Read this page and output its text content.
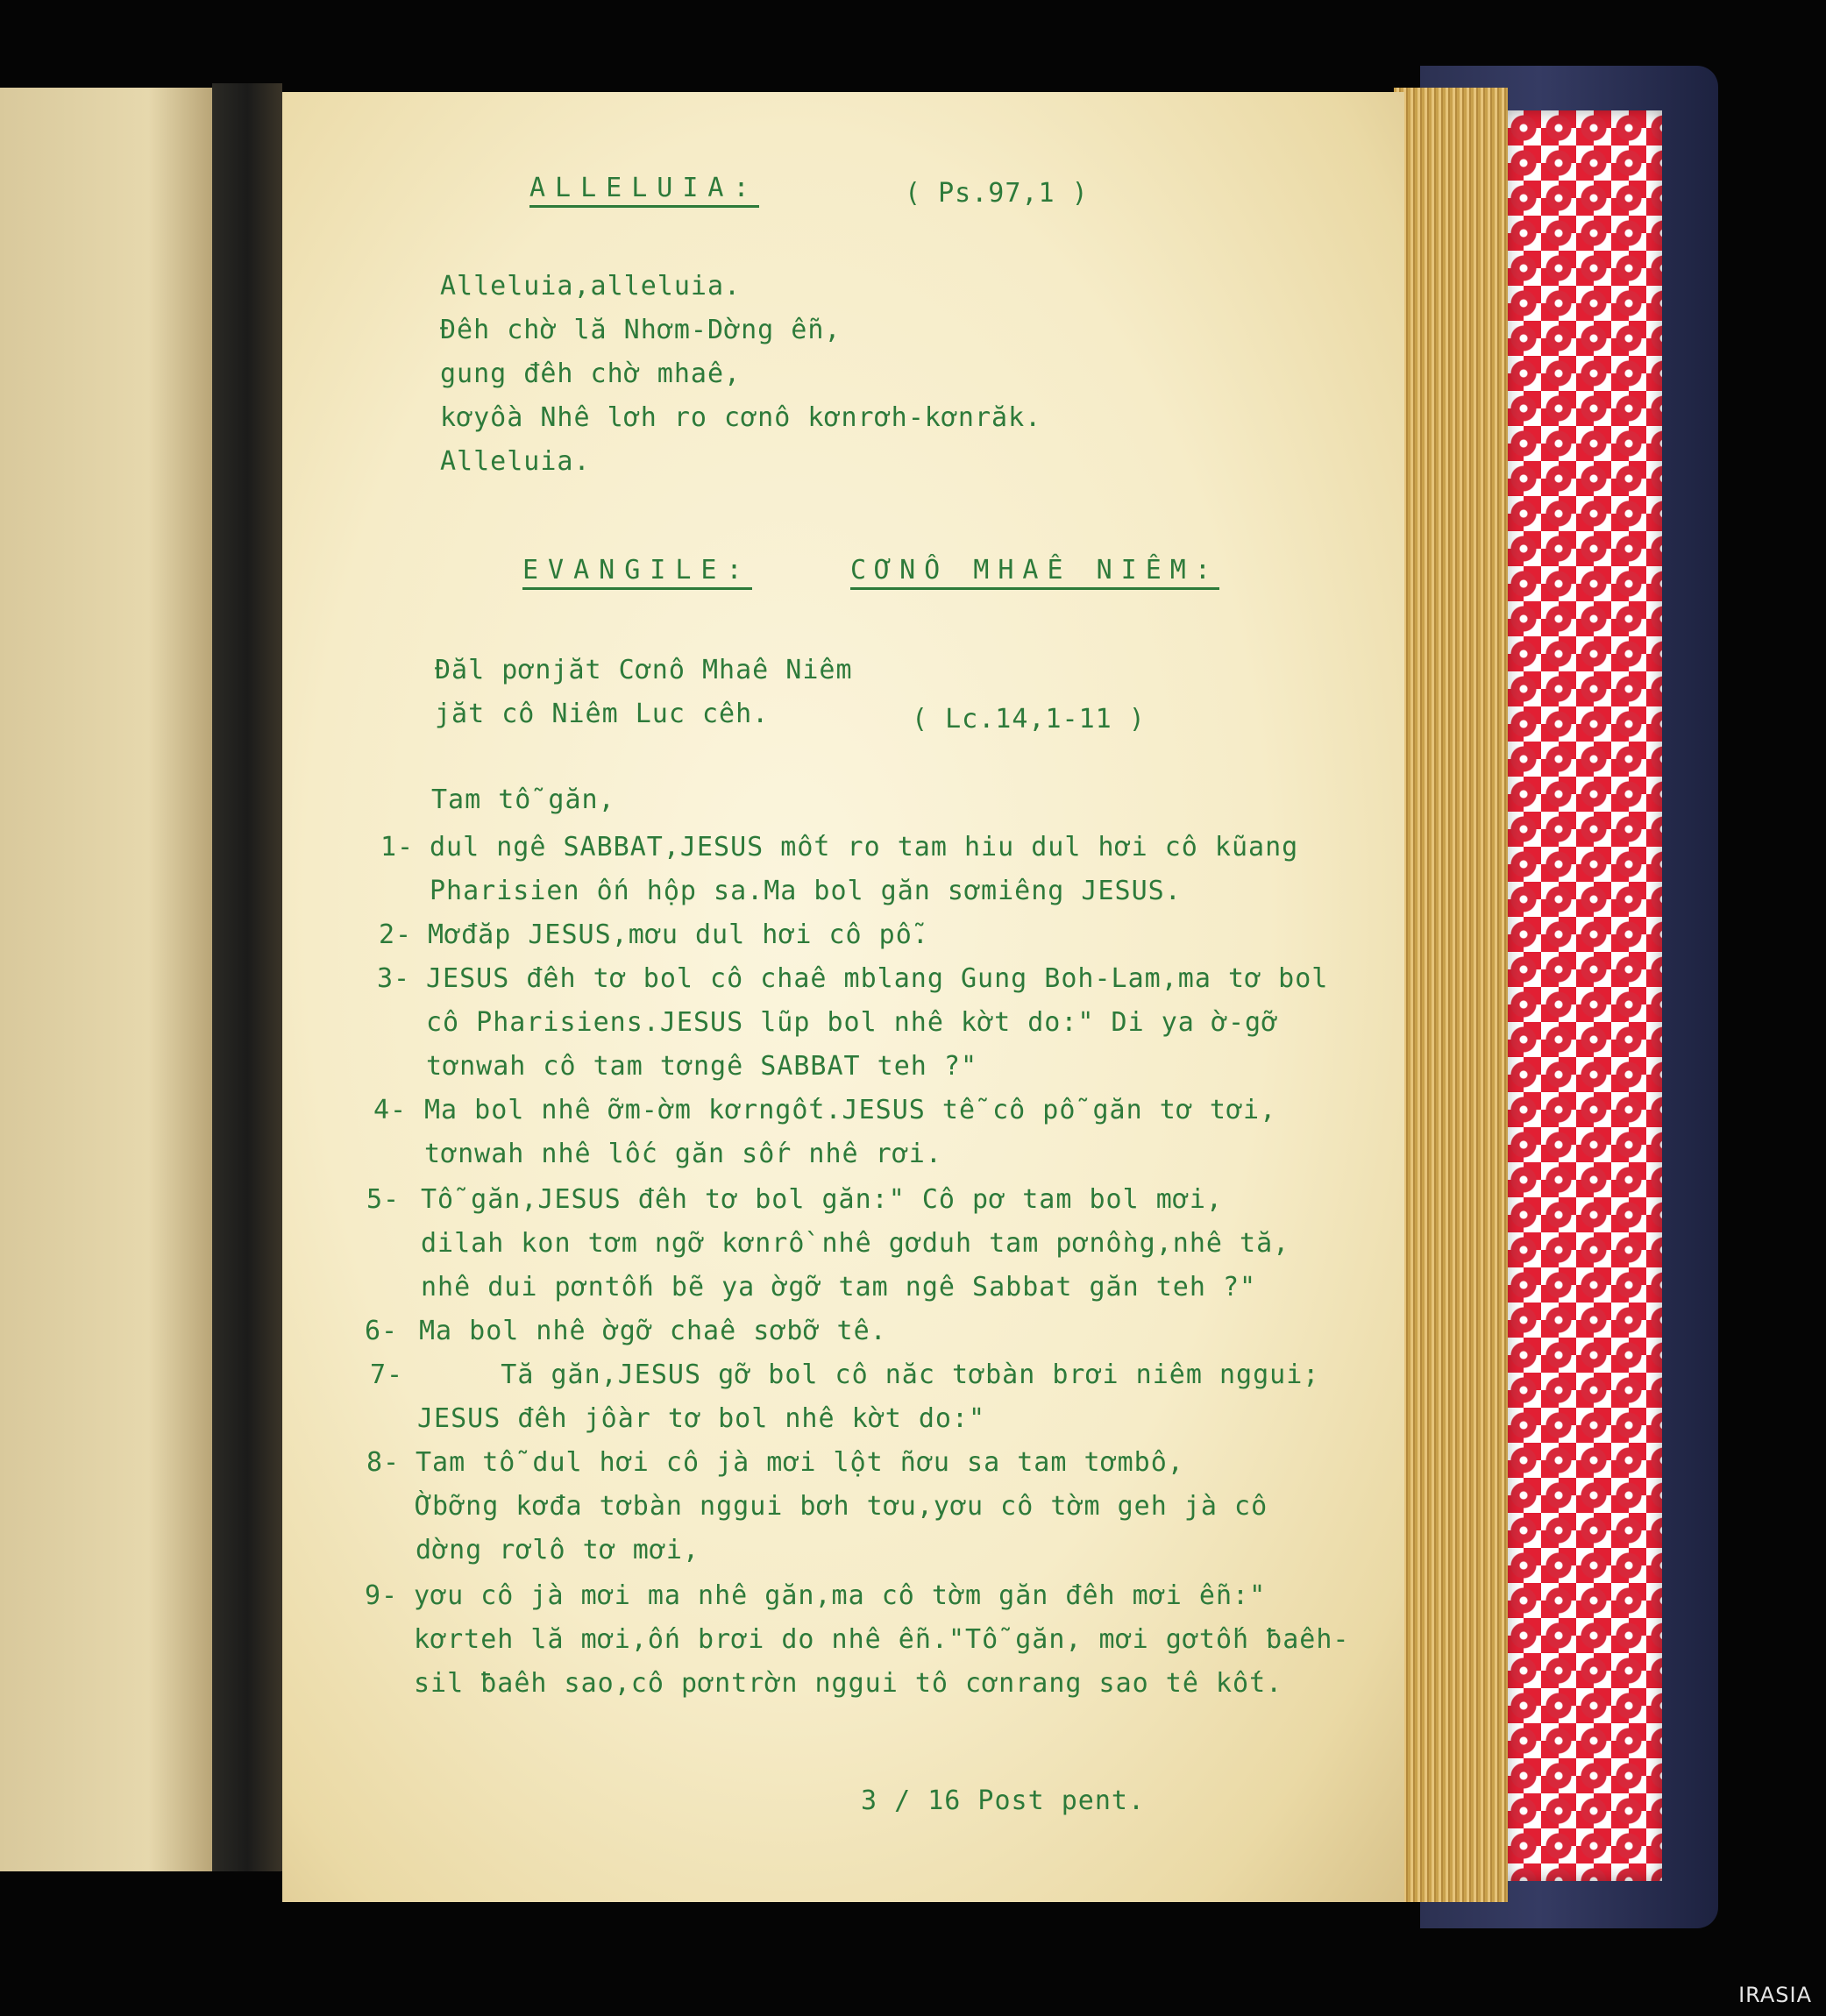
ALLELUIA:	( Ps.97,1 )
Alleluia,alleluia.
Đêh chờ lă Nhơm-Dờng ễn,
gung đêh chờ mhaê,
kơyồa Nhê lơh ro cơnô kơnrơh-kơnrăk.
Alleluia.
EVANGILE:	CƠNÔ MHAÊ NIÊM:
Đăl pơnjăt Cơnô Mhaê Niêm
jăt cô Niêm Luc cêh.	( Lc.14,1-11 )
Tam tỗ găn,
1- dul ngê SABBAT,JESUS mốt ro tam hiu dul hơi cô kũang
Pharisien ốn hộp sa.Ma bol găn sơmiêng JESUS.
2- Mơđăp JESUS,mơu dul hơi cô pỗ.
3- JESUS đêh tơ bol cô chaê mblang Gung Boh-Lam,ma tơ bol
cô Pharisiens.JESUS lũp bol nhê kờt do:" Di ya ờ-gỡ
tơnwah cô tam tơngê SABBAT teh ?"
4- Ma bol nhê ỡm-ờm kơrngốt.JESUS tễ cô pỗ găn tơ tơi,
tơnwah nhê lốc găn sốr nhê rơi.
5- Tỗ găn,JESUS đêh tơ bol găn:" Cô pơ tam bol mơi,
dilah kon tơm ngỡ kơnrồ nhê gơduh tam pơnồng,nhê tă,
nhê dui pơntốh bẽ ya ờgỡ tam ngê Sabbat găn teh ?"
6- Ma bol nhê ờgỡ chaê sơbỡ tê.
7- Tă găn,JESUS gỡ bol cô năc tơbàn brơi niêm nggui;
JESUS đêh jồar tơ bol nhê kờt do:"
8- Tam tỗ dul hơi cô jà mơi lột ñơu sa tam tơmbô,
Ờbỡng kơđa tơbàn nggui bơh tơu,yơu cô tờm geh jà cô
dờng rơlô tơ mơi,
9- yơu cô jà mơi ma nhê găn,ma cô tờm găn đêh mơi ễn:"
kơrteh lă mơi,ốn brơi do nhê ễn."Tỗ găn, mơi gơtốh ƀaêh-
sil ƀaêh sao,cô pơntrờn nggui tô cơnrang sao tê kốt.
3 / 16 Post pent.
IRASIA
